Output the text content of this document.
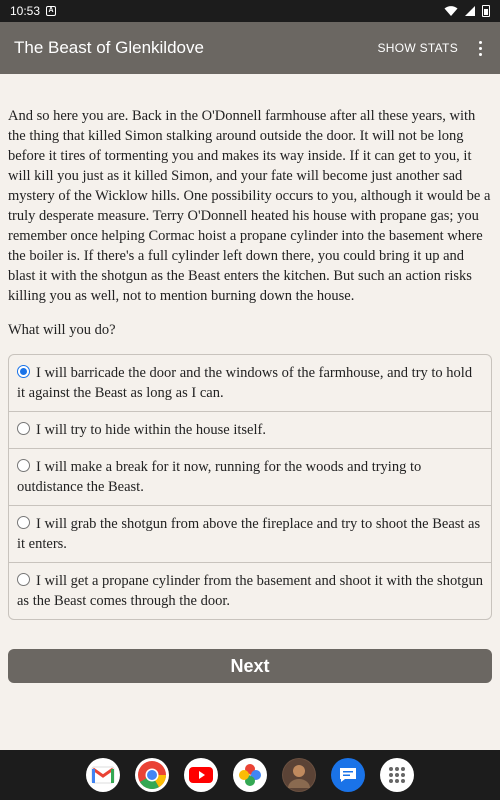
10:53	A
The Beast of Glenkildove	SHOW STATS

And so here you are. Back in the O'Donnell farmhouse after all these years, with the thing that killed Simon stalking around outside the door. It will not be long before it tires of tormenting you and makes its way inside. If it can get to you, it will kill you just as it killed Simon, and your fate will become just another sad mystery of the Wicklow hills. One possibility occurs to you, although it would be a truly desperate measure. Terry O'Donnell heated his house with propane gas; you remember once helping Cormac hoist a propane cylinder into the basement where the boiler is. If there's a full cylinder left down there, you could bring it up and blast it with the shotgun as the Beast enters the kitchen. But such an action risks killing you as well, not to mention burning down the house.

What will you do?

I will barricade the door and the windows of the farmhouse, and try to hold it against the Beast as long as I can.
I will try to hide within the house itself.
I will make a break for it now, running for the woods and trying to outdistance the Beast.
I will grab the shotgun from above the fireplace and try to shoot the Beast as it enters.
I will get a propane cylinder from the basement and shoot it with the shotgun as the Beast comes through the door.
Next
